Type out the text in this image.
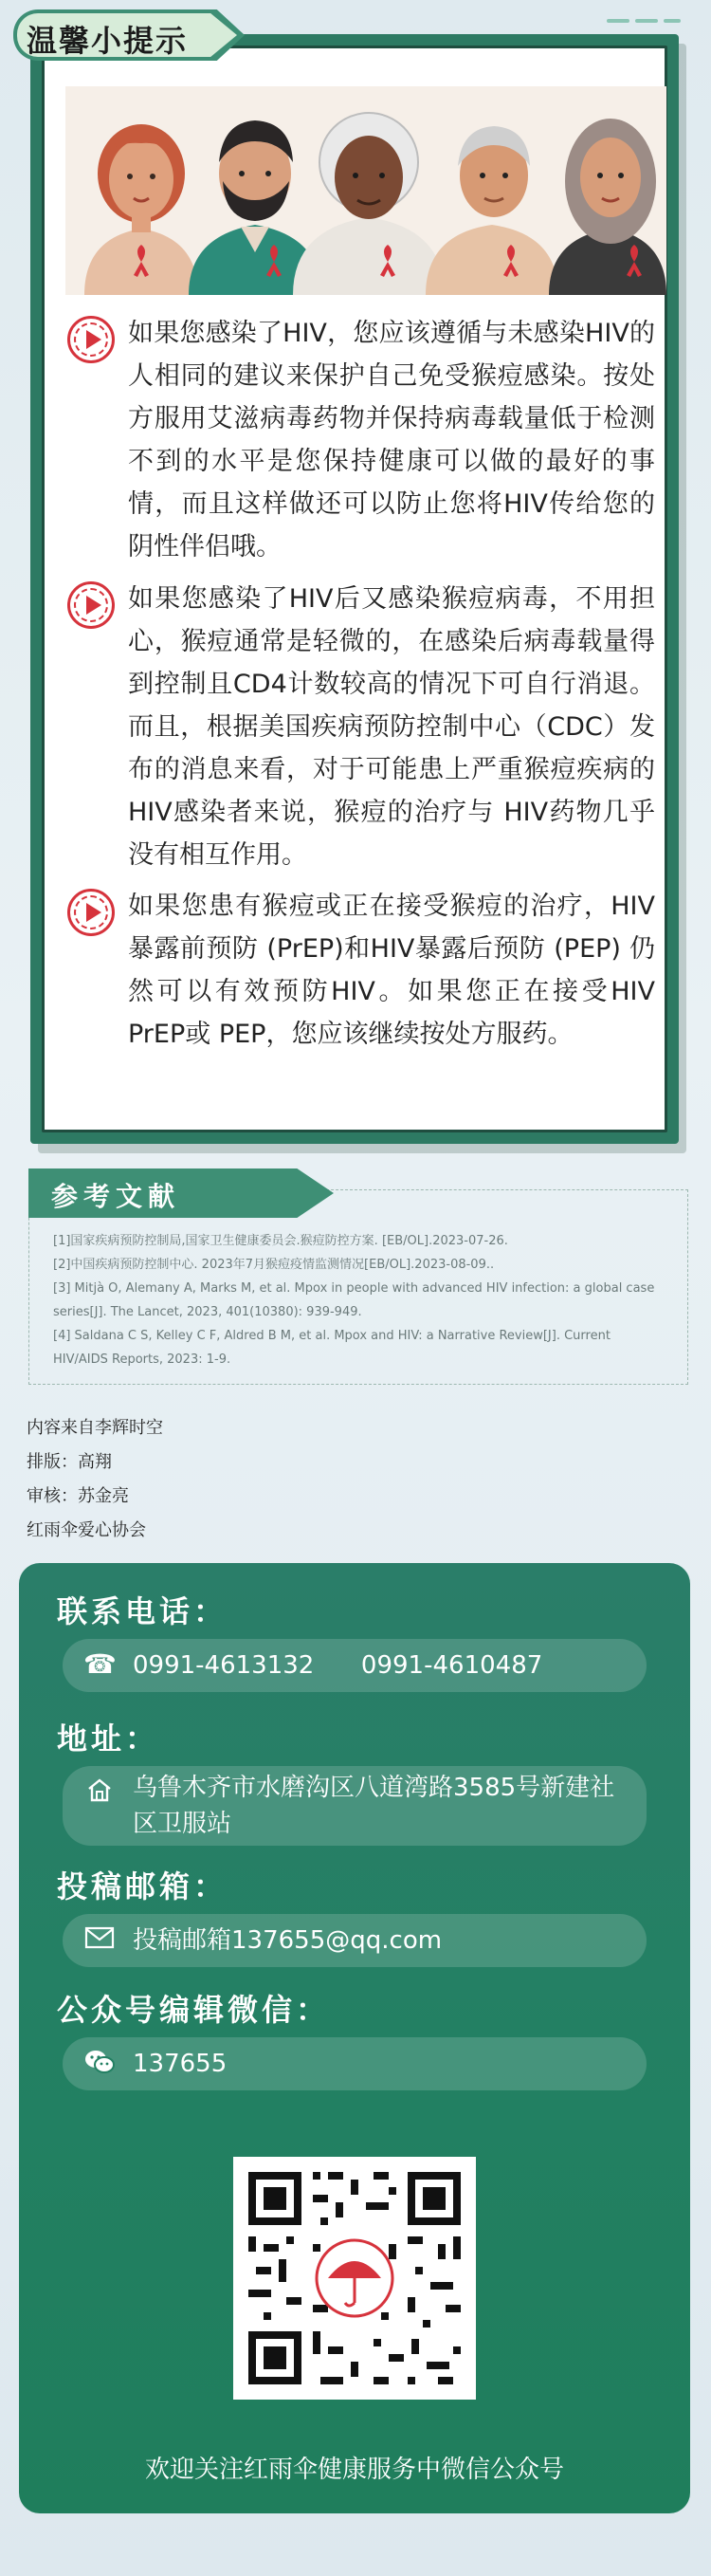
如果您感染了HIV，您应该遵循与未感染HIV的人相同的建议来保护自己免受猴痘感染。按处方服用艾滋病毒药物并保持病毒载量低于检测不到的水平是您保持健康可以做的最好的事情，而且这样做还可以防止您将HIV传给您的阴性伴侣哦。
如果您感染了HIV后又感染猴痘病毒，不用担心，猴痘通常是轻微的，在感染后病毒载量得到控制且CD4计数较高的情况下可自行消退。而且，根据美国疾病预防控制中心（CDC）发布的消息来看，对于可能患上严重猴痘疾病的HIV感染者来说，猴痘的治疗与 HIV药物几乎没有相互作用。
如果您患有猴痘或正在接受猴痘的治疗，HIV暴露前预防 (PrEP)和HIV暴露后预防 (PEP) 仍然可以有效预防HIV。如果您正在接受HIV PrEP或 PEP，您应该继续按处方服药。
温馨小提示
参考文献
[1]国家疾病预防控制局,国家卫生健康委员会.猴痘防控方案. [EB/OL].2023-07-26.
[2]中国疾病预防控制中心. 2023年7月猴痘疫情监测情况[EB/OL].2023-08-09..
[3] Mitjà O, Alemany A, Marks M, et al. Mpox in people with advanced HIV infection: a global case
series[J]. The Lancet, 2023, 401(10380): 939-949.
[4] Saldana C S, Kelley C F, Aldred B M, et al. Mpox and HIV: a Narrative Review[J]. Current
HIV/AIDS Reports, 2023: 1-9.
内容来自李辉时空
排版：高翔
审核：苏金亮
红雨伞爱心协会
联系电话：
☎ 0991-4613132      0991-4610487
地址：
乌鲁木齐市水磨沟区八道湾路3585号新建社区卫服站
投稿邮箱：
投稿邮箱137655@qq.com
公众号编辑微信：
137655
欢迎关注红雨伞健康服务中微信公众号
